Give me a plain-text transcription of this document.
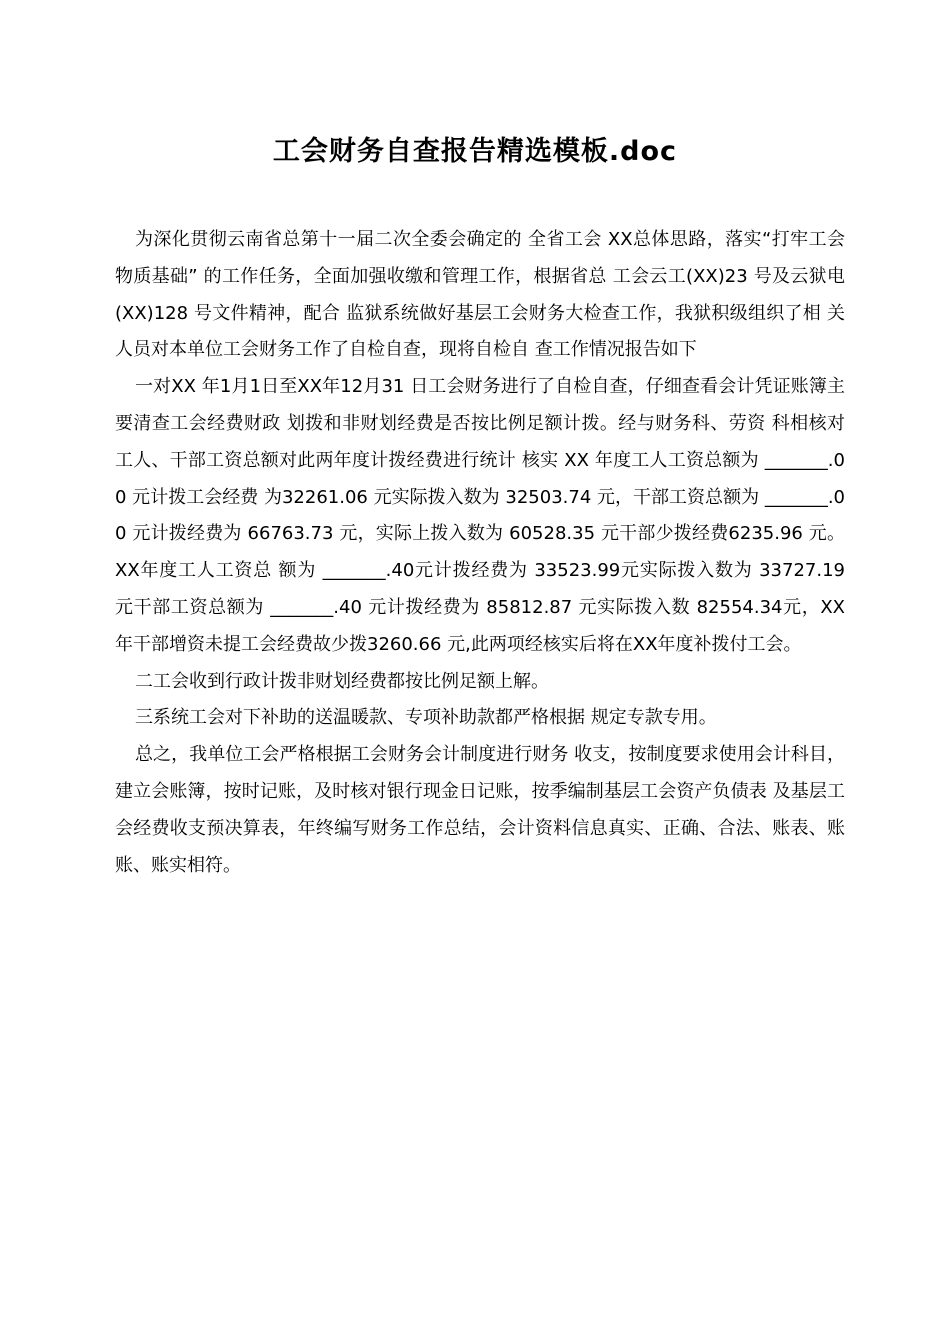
工会财务自查报告精选模板.doc

为深化贯彻云南省总第十一届二次全委会确定的 全省工会 XX总体思路，落实“打牢工会物质基础” 的工作任务，全面加强收缴和管理工作，根据省总 工会云工(XX)23 号及云狱电(XX)128 号文件精神，配合 监狱系统做好基层工会财务大检查工作，我狱积级组织了相 关人员对本单位工会财务工作了自检自查，现将自检自 查工作情况报告如下

一对XX 年1月1日至XX年12月31 日工会财务进行了自检自查，仔细查看会计凭证账簿主要清查工会经费财政 划拨和非财划经费是否按比例足额计拨。经与财务科、劳资 科相核对工人、干部工资总额对此两年度计拨经费进行统计 核实 XX 年度工人工资总额为 _______.00 元计拨工会经费 为32261.06 元实际拨入数为 32503.74 元，干部工资总额为 _______.00 元计拨经费为 66763.73 元，实际上拨入数为 60528.35 元干部少拨经费6235.96 元。XX年度工人工资总 额为 _______.40元计拨经费为 33523.99元实际拨入数为 33727.19 元干部工资总额为 _______.40 元计拨经费为 85812.87 元实际拨入数 82554.34元，XX年干部增资未提工会经费故少拨3260.66 元,此两项经核实后将在XX年度补拨付工会。

二工会收到行政计拨非财划经费都按比例足额上解。

三系统工会对下补助的送温暖款、专项补助款都严格根据 规定专款专用。

总之，我单位工会严格根据工会财务会计制度进行财务 收支，按制度要求使用会计科目，建立会账簿，按时记账，及时核对银行现金日记账，按季编制基层工会资产负债表 及基层工会经费收支预决算表，年终编写财务工作总结，会计资料信息真实、正确、合法、账表、账账、账实相符。
